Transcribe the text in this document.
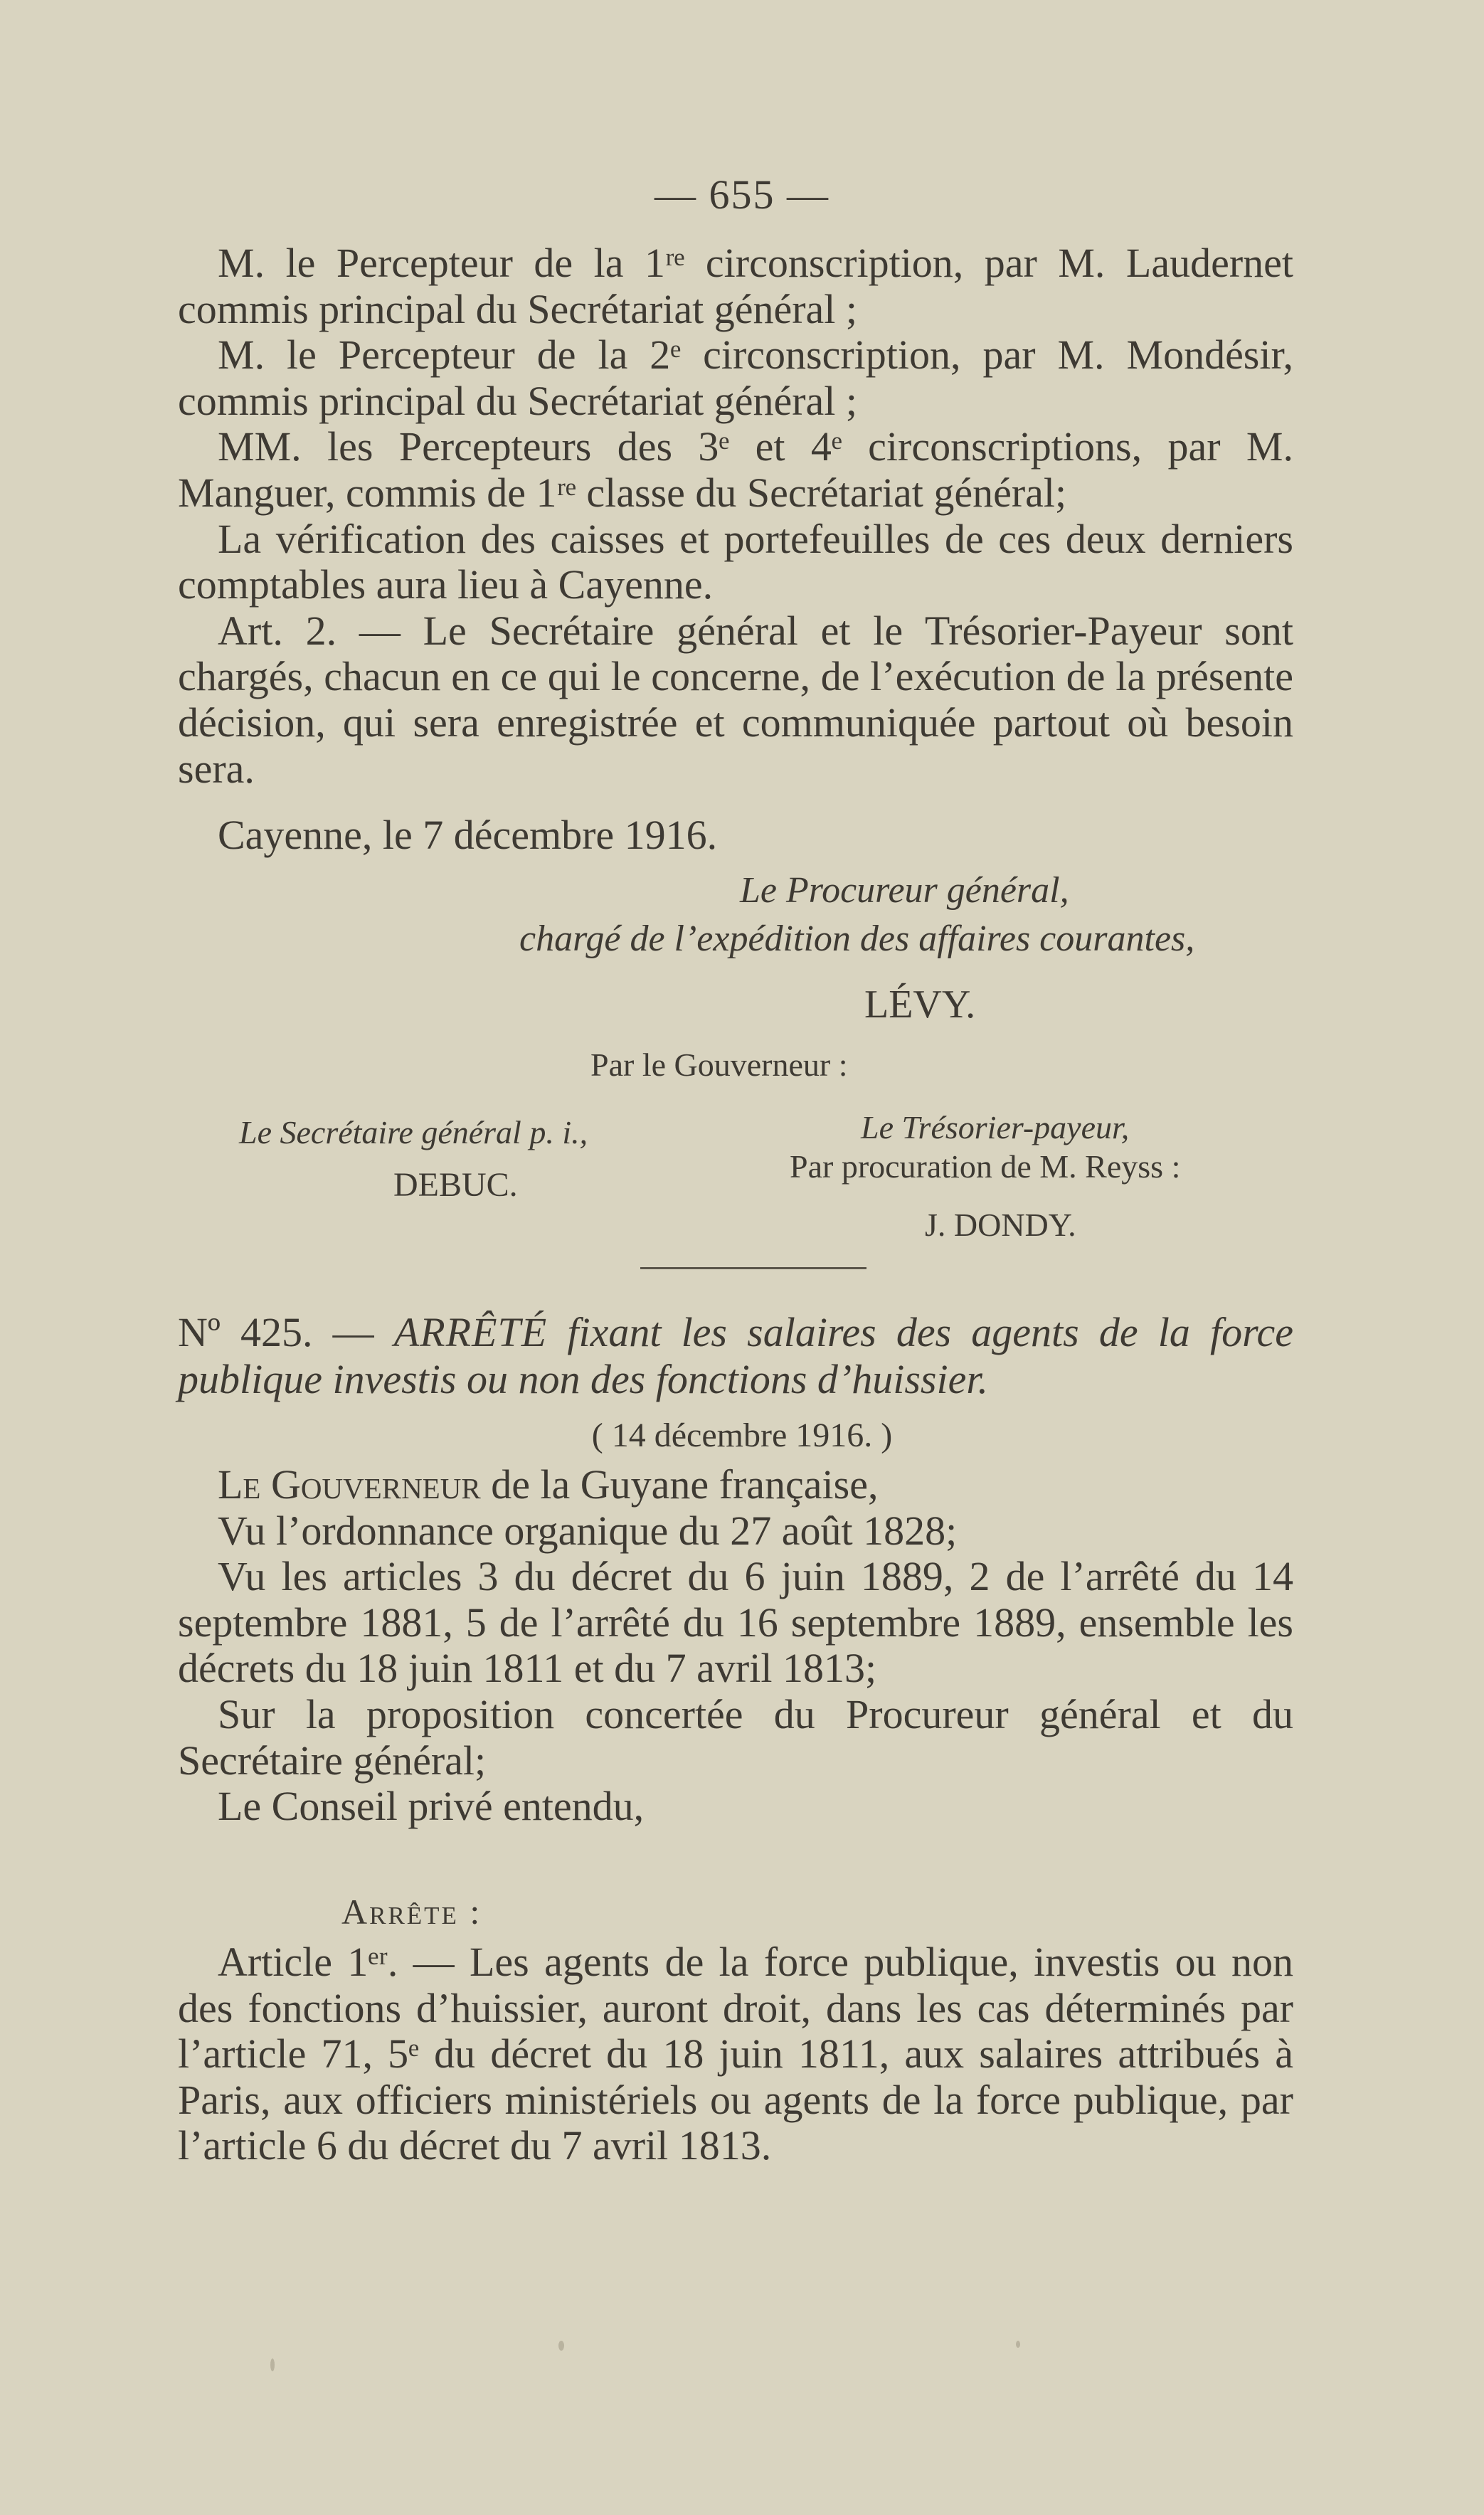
— 655 —

M. le Percepteur de la 1ʳᵉ circonscription, par M. Laudernet commis principal du Secrétariat général ;

M. le Percepteur de la 2ᵉ circonscription, par M. Mondésir, commis principal du Secrétariat général ;

MM. les Percepteurs des 3ᵉ et 4ᵉ circonscriptions, par M. Manguer, commis de 1ʳᵉ classe du Secrétariat général;

La vérification des caisses et portefeuilles de ces deux derniers comptables aura lieu à Cayenne.

Art. 2. — Le Secrétaire général et le Trésorier-Payeur sont chargés, chacun en ce qui le concerne, de l’exécution de la présente décision, qui sera enregistrée et communiquée partout où besoin sera.

Cayenne, le 7 décembre 1916.
Le Procureur général,
chargé de l’expédition des affaires courantes,
LÉVY.
Par le Gouverneur :
Le Trésorier-payeur,
Le Secrétaire général p. i.,
Par procuration de M. Reyss :
DEBUC.
J. DONDY.
Nº 425. — ARRÊTÉ fixant les salaires des agents de la force publique investis ou non des fonctions d’huissier.
( 14 décembre 1916. )

Le Gouverneur de la Guyane française,

Vu l’ordonnance organique du 27 août 1828;

Vu les articles 3 du décret du 6 juin 1889, 2 de l’arrêté du 14 septembre 1881, 5 de l’arrêté du 16 septembre 1889, ensemble les décrets du 18 juin 1811 et du 7 avril 1813;

Sur la proposition concertée du Procureur général et du Secrétaire général;

Le Conseil privé entendu,

Arrête :

Article 1ᵉʳ. — Les agents de la force publique, investis ou non des fonctions d’huissier, auront droit, dans les cas déterminés par l’article 71, 5ᵉ du décret du 18 juin 1811, aux salaires attribués à Paris, aux officiers ministériels ou agents de la force publique, par l’article 6 du décret du 7 avril 1813.
